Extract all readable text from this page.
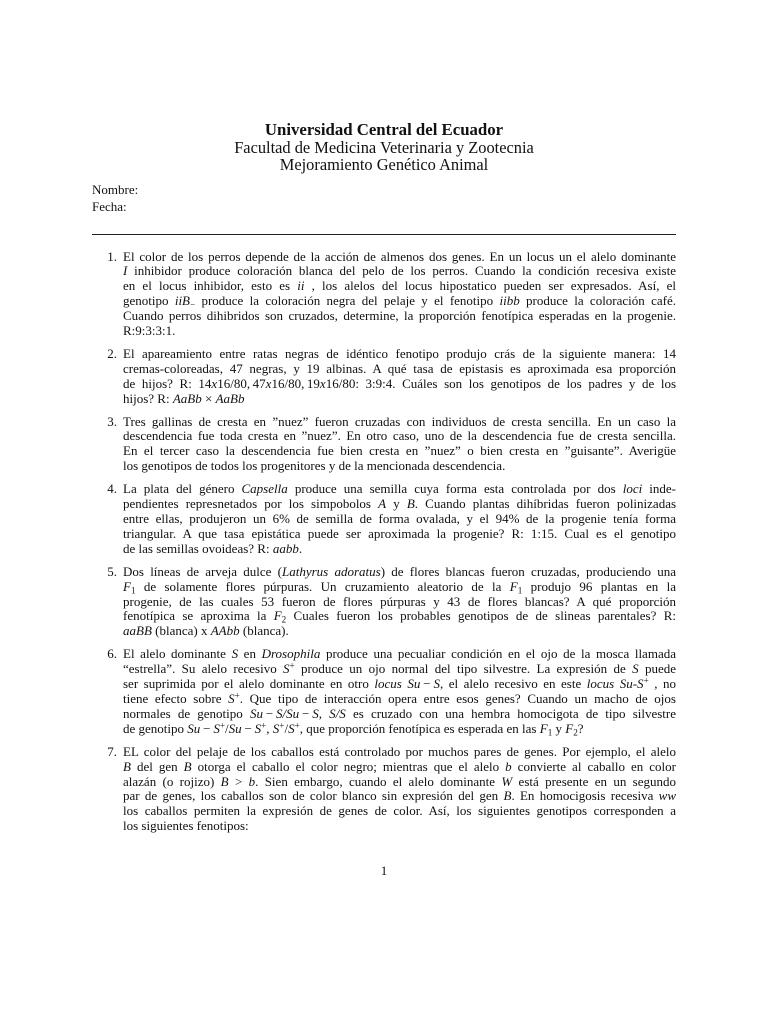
Universidad Central del Ecuador
Facultad de Medicina Veterinaria y Zootecnia
Mejoramiento Genético Animal
Nombre:
Fecha:
1. El color de los perros depende de la acción de almenos dos genes. En un locus un el alelo dominante
I inhibidor produce coloración blanca del pelo de los perros. Cuando la condición recesiva existe
en el locus inhibidor, esto es ii , los alelos del locus hipostatico pueden ser expresados. Así, el
genotipo iiB$_-$ produce la coloración negra del pelaje y el fenotipo iibb produce la coloración café.
Cuando perros dihibridos son cruzados, determine, la proporción fenotípica esperadas en la progenie.
R:9:3:3:1.
2. El apareamiento entre ratas negras de idéntico fenotipo produjo crás de la siguiente manera: 14
cremas-coloreadas, 47 negras, y 19 albinas. A qué tasa de epistasis es aproximada esa proporción
de hijos? R: 14x16/80, 47x16/80, 19x16/80: 3:9:4. Cuáles son los genotipos de los padres y de los
hijos? R: AaBb × AaBb
3. Tres gallinas de cresta en ”nuez” fueron cruzadas con individuos de cresta sencilla. En un caso la
descendencia fue toda cresta en ”nuez”. En otro caso, uno de la descendencia fue de cresta sencilla.
En el tercer caso la descendencia fue bien cresta en ”nuez” o bien cresta en ”guisante”. Averigüe
los genotipos de todos los progenitores y de la mencionada descendencia.
4. La plata del género Capsella produce una semilla cuya forma esta controlada por dos loci inde-
pendientes represnetados por los simpobolos A y B. Cuando plantas dihíbridas fueron polinizadas
entre ellas, produjeron un 6% de semilla de forma ovalada, y el 94% de la progenie tenía forma
triangular. A que tasa epistática puede ser aproximada la progenie? R: 1:15. Cual es el genotipo
de las semillas ovoideas? R: aabb.
5. Dos líneas de arveja dulce (Lathyrus adoratus) de flores blancas fueron cruzadas, produciendo una
$F_1$ de solamente flores púrpuras. Un cruzamiento aleatorio de la $F_1$ produjo 96 plantas en la
progenie, de las cuales 53 fueron de flores púrpuras y 43 de flores blancas? A qué proporción
fenotípica se aproxima la $F_2$ Cuales fueron los probables genotipos de de slineas parentales? R:
aaBB (blanca) x AAbb (blanca).
6. El alelo dominante S en Drosophila produce una pecualiar condición en el ojo de la mosca llamada
“estrella”. Su alelo recesivo S+ produce un ojo normal del tipo silvestre. La expresión de S puede
ser suprimida por el alelo dominante en otro locus Su − S, el alelo recesivo en este locus Su-S+ , no
tiene efecto sobre S+. Que tipo de interacción opera entre esos genes? Cuando un macho de ojos
normales de genotipo Su − S/Su − S, S/S es cruzado con una hembra homocigota de tipo silvestre
de genotipo Su − S+/Su − S+, S+/S+, que proporción fenotípica es esperada en las $F_1$ y $F_2$?
7. EL color del pelaje de los caballos está controlado por muchos pares de genes. Por ejemplo, el alelo
B del gen B otorga el caballo el color negro; mientras que el alelo b convierte al caballo en color
alazán (o rojizo) B > b. Sien embargo, cuando el alelo dominante W está presente en un segundo
par de genes, los caballos son de color blanco sin expresión del gen B. En homocigosis recesiva ww
los caballos permiten la expresión de genes de color. Así, los siguientes genotipos corresponden a
los siguientes fenotipos:
1
